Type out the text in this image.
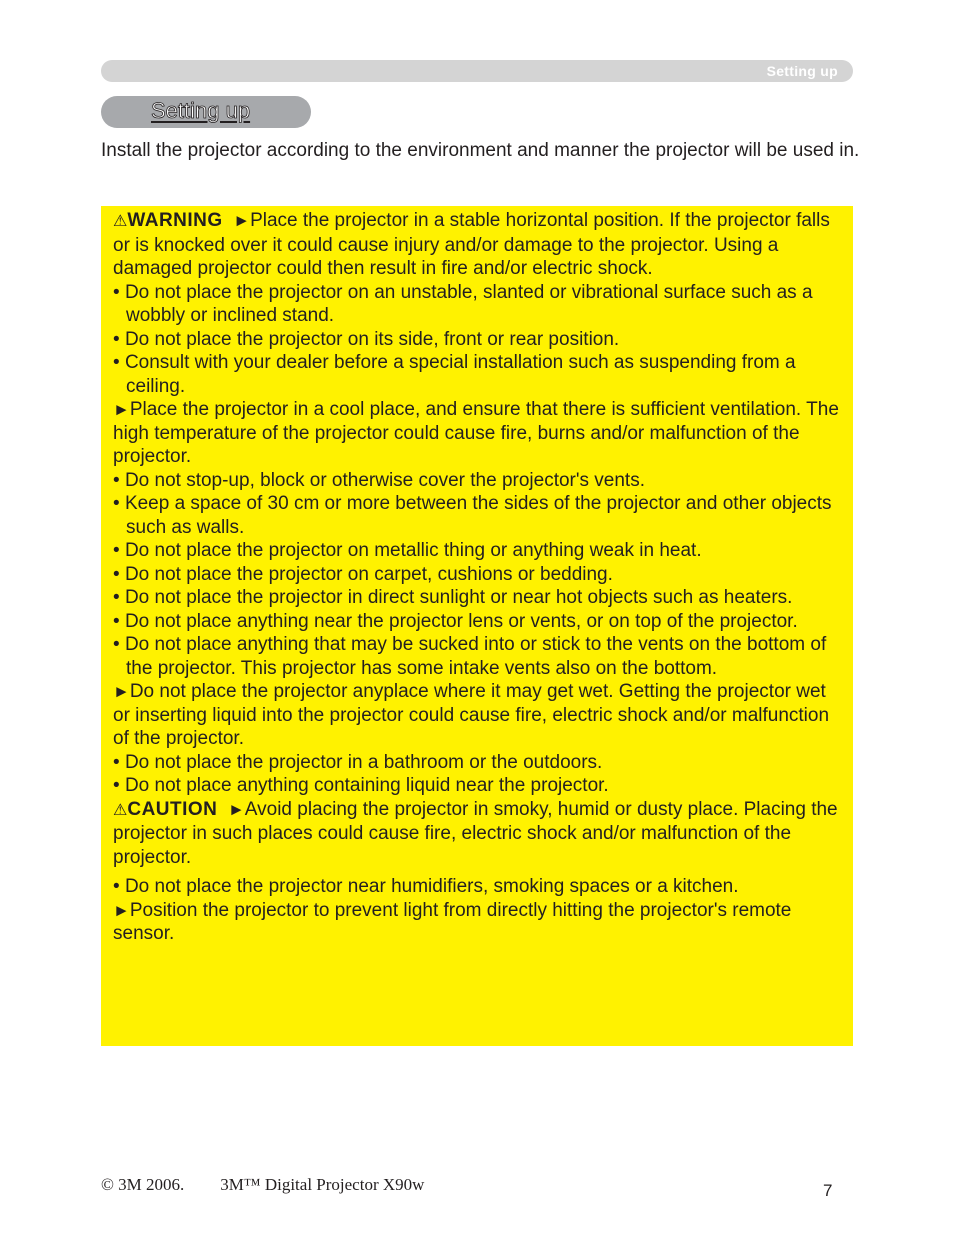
Setting up
Setting up

Install the projector according to the environment and manner the projector will be used in.

⚠WARNING ►Place the projector in a stable horizontal position. If the projector falls or is knocked over it could cause injury and/or damage to the projector. Using a damaged projector could then result in fire and/or electric shock.

• Do not place the projector on an unstable, slanted or vibrational surface such as a wobbly or inclined stand.

• Do not place the projector on its side, front or rear position.

• Consult with your dealer before a special installation such as suspending from a ceiling.

►Place the projector in a cool place, and ensure that there is sufficient ventilation. The high temperature of the projector could cause fire, burns and/or malfunction of the projector.

• Do not stop-up, block or otherwise cover the projector's vents.

• Keep a space of 30 cm or more between the sides of the projector and other objects such as walls.

• Do not place the projector on metallic thing or anything weak in heat.

• Do not place the projector on carpet, cushions or bedding.

• Do not place the projector in direct sunlight or near hot objects such as heaters.

• Do not place anything near the projector lens or vents, or on top of the projector.

• Do not place anything that may be sucked into or stick to the vents on the bottom of the projector. This projector has some intake vents also on the bottom.

►Do not place the projector anyplace where it may get wet. Getting the projector wet or inserting liquid into the projector could cause fire, electric shock and/or malfunction of the projector.

• Do not place the projector in a bathroom or the outdoors.

• Do not place anything containing liquid near the projector.

⚠CAUTION ►Avoid placing the projector in smoky, humid or dusty place. Placing the projector in such places could cause fire, electric shock and/or malfunction of the projector.

• Do not place the projector near humidifiers, smoking spaces or a kitchen.

►Position the projector to prevent light from directly hitting the projector's remote sensor.

© 3M 2006. 3M™ Digital Projector X90w	7
